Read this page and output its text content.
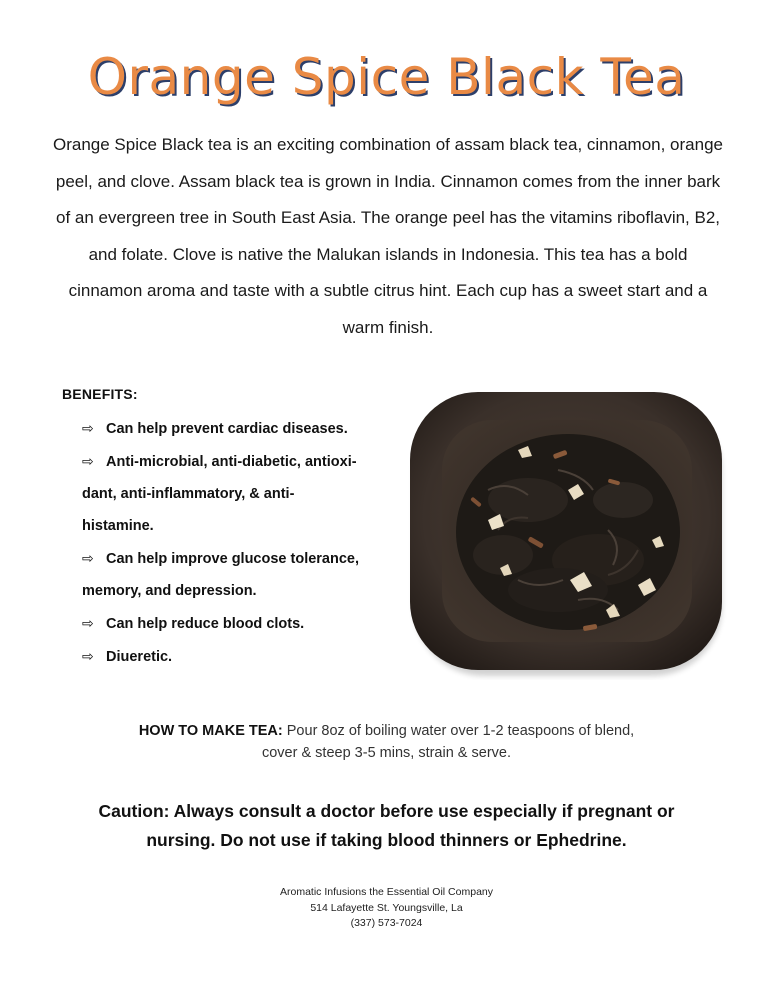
Orange Spice Black Tea

Orange Spice Black tea is an exciting combination of assam black tea, cinnamon, orange peel, and clove. Assam black tea is grown in India. Cinnamon comes from the inner bark of an evergreen tree in South East Asia. The orange peel has the vitamins riboflavin, B2, and folate. Clove is native the Malukan islands in Indonesia. This tea has a bold cinnamon aroma and taste with a subtle citrus hint. Each cup has a sweet start and a warm finish.

BENEFITS:

⇨ Can help prevent cardiac diseases.
⇨ Anti-microbial, anti-diabetic, antioxi-
dant, anti-inflammatory, & anti-
histamine.
⇨ Can help improve glucose tolerance,
memory, and depression.
⇨ Can help reduce blood clots.
⇨ Diueretic.

HOW TO MAKE TEA: Pour 8oz of boiling water over 1-2 teaspoons of blend,
cover & steep 3-5 mins, strain & serve.

Caution: Always consult a doctor before use especially if pregnant or
nursing. Do not use if taking blood thinners or Ephedrine.

Aromatic Infusions the Essential Oil Company
514 Lafayette St. Youngsville, La
(337) 573-7024
